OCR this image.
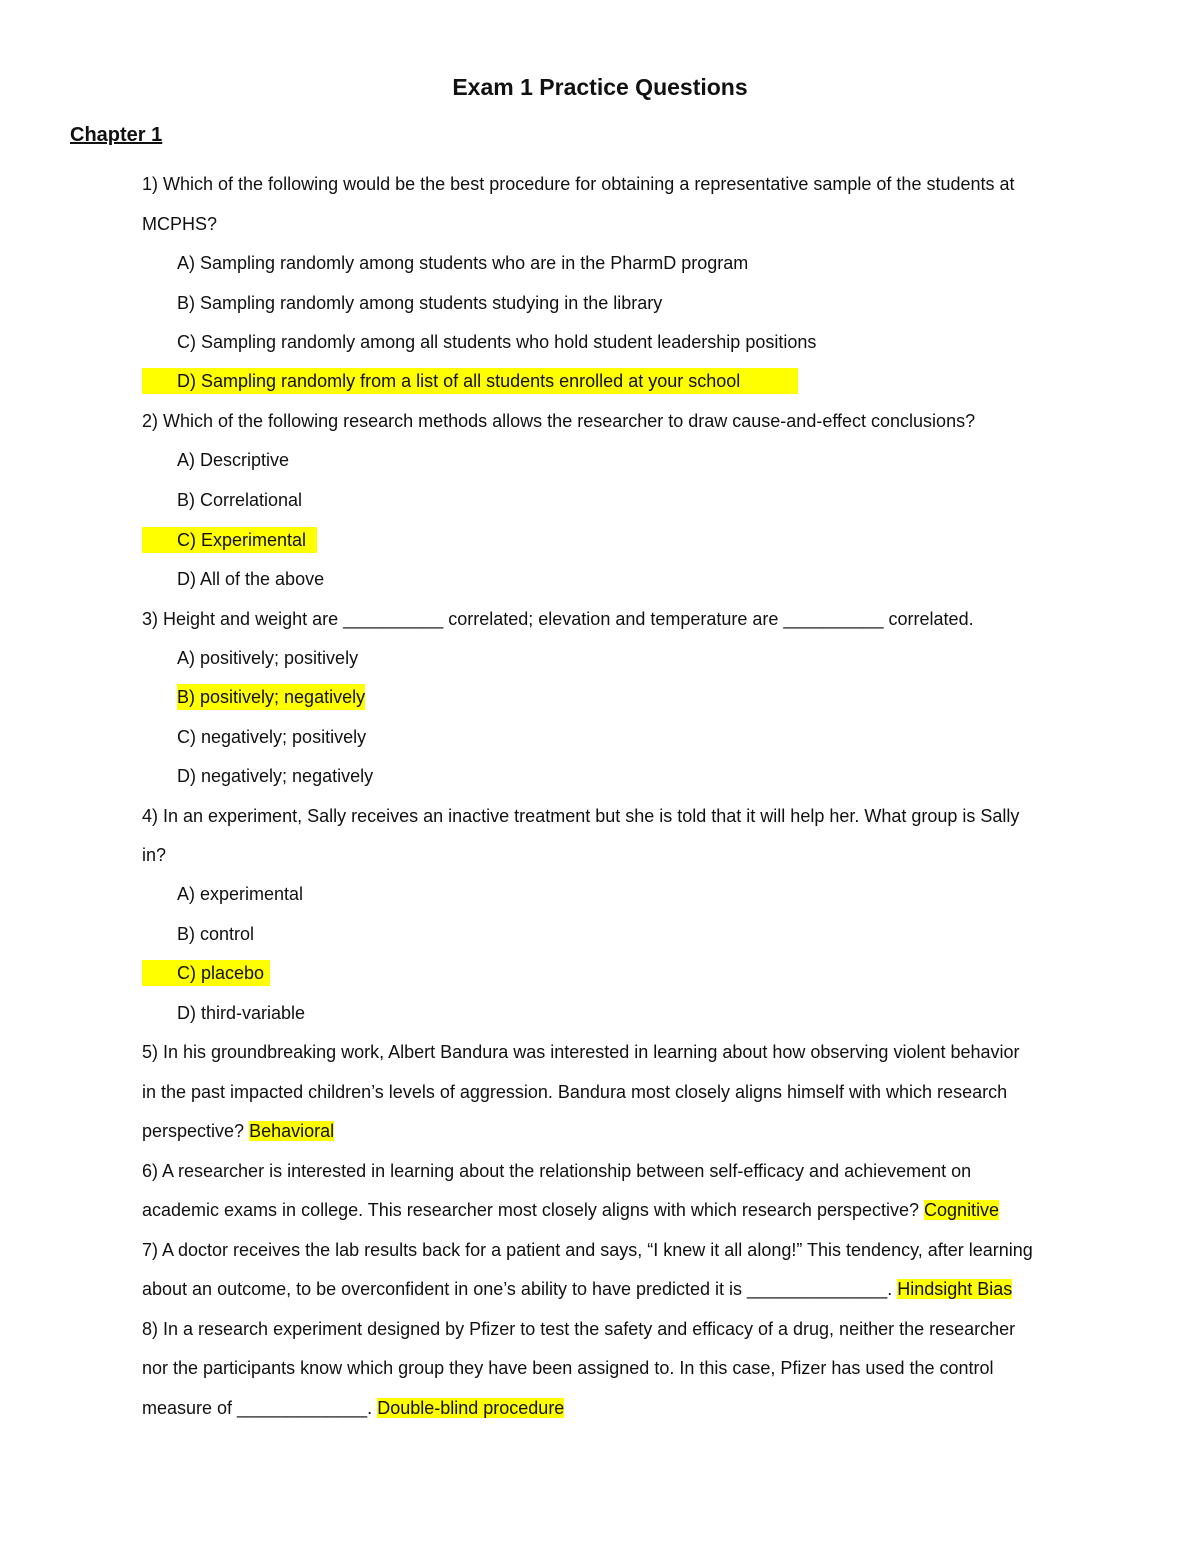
Exam 1 Practice Questions
Chapter 1
1) Which of the following would be the best procedure for obtaining a representative sample of the students at
MCPHS?
A) Sampling randomly among students who are in the PharmD program
B) Sampling randomly among students studying in the library
C) Sampling randomly among all students who hold student leadership positions
D) Sampling randomly from a list of all students enrolled at your school
2) Which of the following research methods allows the researcher to draw cause-and-effect conclusions?
A) Descriptive
B) Correlational
C) Experimental
D) All of the above
3) Height and weight are __________ correlated; elevation and temperature are __________ correlated.
A) positively; positively
B) positively; negatively
C) negatively; positively
D) negatively; negatively
4) In an experiment, Sally receives an inactive treatment but she is told that it will help her. What group is Sally
in?
A) experimental
B) control
C) placebo
D) third-variable
5) In his groundbreaking work, Albert Bandura was interested in learning about how observing violent behavior
in the past impacted children’s levels of aggression. Bandura most closely aligns himself with which research
perspective? Behavioral
6) A researcher is interested in learning about the relationship between self-efficacy and achievement on
academic exams in college. This researcher most closely aligns with which research perspective? Cognitive
7) A doctor receives the lab results back for a patient and says, “I knew it all along!” This tendency, after learning
about an outcome, to be overconfident in one’s ability to have predicted it is ______________. Hindsight Bias
8) In a research experiment designed by Pfizer to test the safety and efficacy of a drug, neither the researcher
nor the participants know which group they have been assigned to. In this case, Pfizer has used the control
measure of _____________. Double-blind procedure
